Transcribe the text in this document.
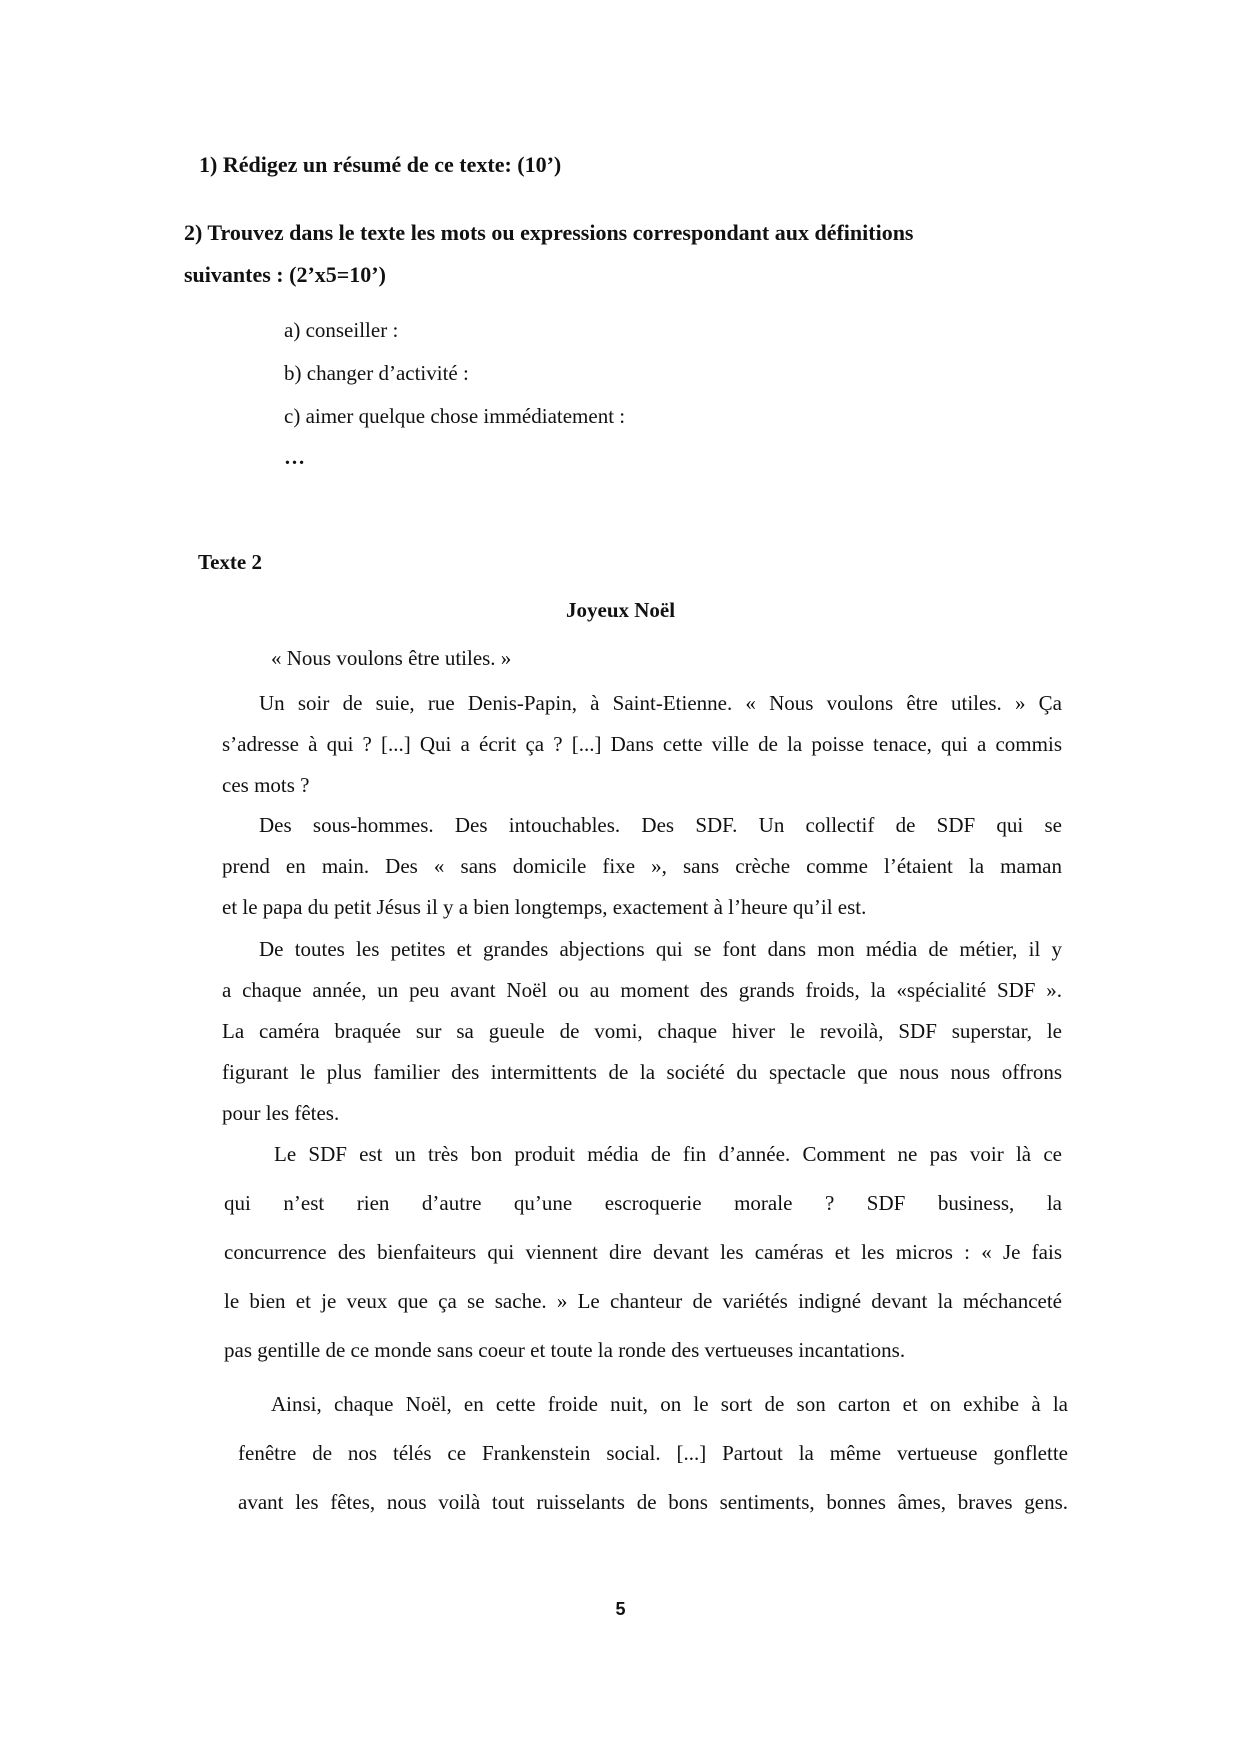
1) Rédigez un résumé de ce texte: (10’)
2) Trouvez dans le texte les mots ou expressions correspondant aux définitions
suivantes : (2’x5=10’)
a) conseiller :
b) changer d’activité :
c) aimer quelque chose immédiatement :
…
Texte 2
Joyeux Noël
« Nous voulons être utiles. »
Un soir de suie, rue Denis-Papin, à Saint-Etienne. « Nous voulons être utiles. » Ça
s’adresse à qui ? [...] Qui a écrit ça ? [...] Dans cette ville de la poisse tenace, qui a commis
ces mots ?
Des sous-hommes. Des intouchables. Des SDF. Un collectif de SDF qui se
prend en main. Des « sans domicile fixe », sans crèche comme l’étaient la maman
et le papa du petit Jésus il y a bien longtemps, exactement à l’heure qu’il est.
De toutes les petites et grandes abjections qui se font dans mon média de métier, il y
a chaque année, un peu avant Noël ou au moment des grands froids, la «spécialité SDF ».
La caméra braquée sur sa gueule de vomi, chaque hiver le revoilà, SDF superstar, le
figurant le plus familier des intermittents de la société du spectacle que nous nous offrons
pour les fêtes.
Le SDF est un très bon produit média de fin d’année. Comment ne pas voir là ce
qui n’est rien d’autre qu’une escroquerie morale ? SDF business, la
concurrence des bienfaiteurs qui viennent dire devant les caméras et les micros : « Je fais
le bien et je veux que ça se sache. » Le chanteur de variétés indigné devant la méchanceté
pas gentille de ce monde sans coeur et toute la ronde des vertueuses incantations.
Ainsi, chaque Noël, en cette froide nuit, on le sort de son carton et on exhibe à la
fenêtre de nos télés ce Frankenstein social. [...] Partout la même vertueuse gonflette
avant les fêtes, nous voilà tout ruisselants de bons sentiments, bonnes âmes, braves gens.
5
